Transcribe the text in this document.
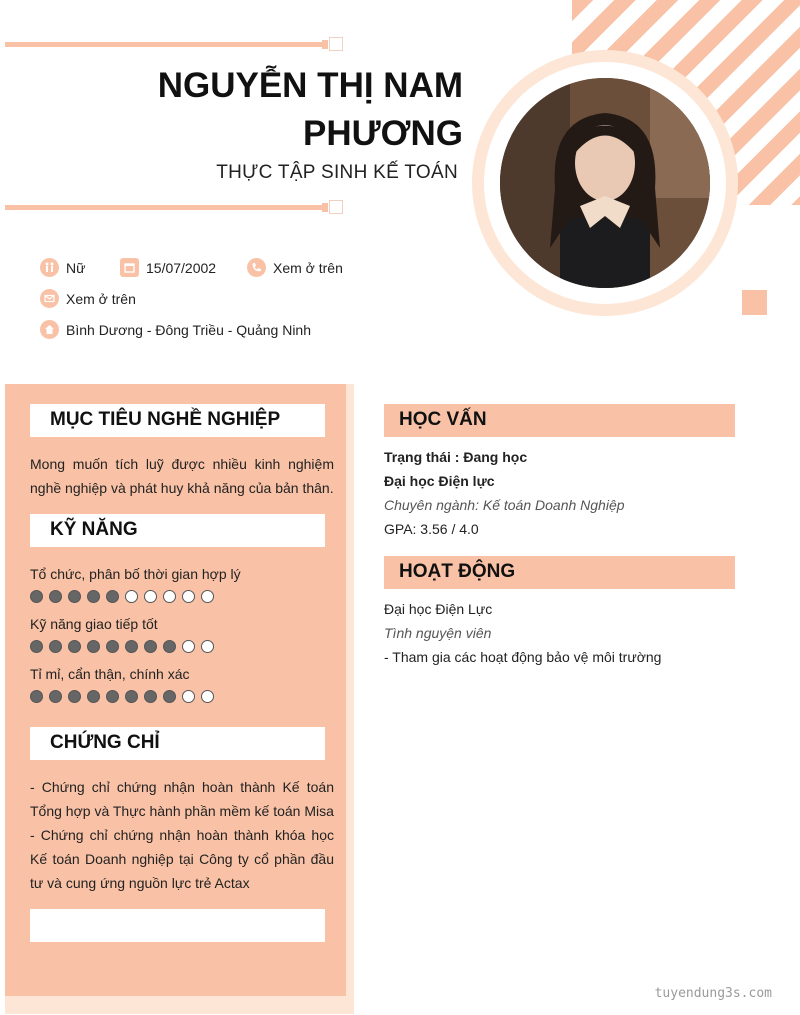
NGUYỄN THỊ NAM
PHƯƠNG
THỰC TẬP SINH KẾ TOÁN
Nữ	15/07/2002	Xem ở trên
Xem ở trên
Bình Dương - Đông Triều - Quảng Ninh
MỤC TIÊU NGHỀ NGHIỆP
Mong muốn tích luỹ được nhiều kinh nghiệm nghề nghiệp và phát huy khả năng của bản thân.
KỸ NĂNG
Tổ chức, phân bố thời gian hợp lý
Kỹ năng giao tiếp tốt
Tỉ mỉ, cẩn thận, chính xác
CHỨNG CHỈ
- Chứng chỉ chứng nhận hoàn thành Kế toán Tổng hợp và Thực hành phần mềm kế toán Misa
- Chứng chỉ chứng nhận hoàn thành khóa học Kế toán Doanh nghiệp tại Công ty cổ phần đầu tư và cung ứng nguồn lực trẻ Actax
HỌC VẤN
Trạng thái : Đang học
Đại học Điện lực
Chuyên ngành: Kế toán Doanh Nghiệp
GPA: 3.56 / 4.0
HOẠT ĐỘNG
Đại học Điện Lực
Tình nguyện viên
- Tham gia các hoạt động bảo vệ môi trường
tuyendung3s.com
